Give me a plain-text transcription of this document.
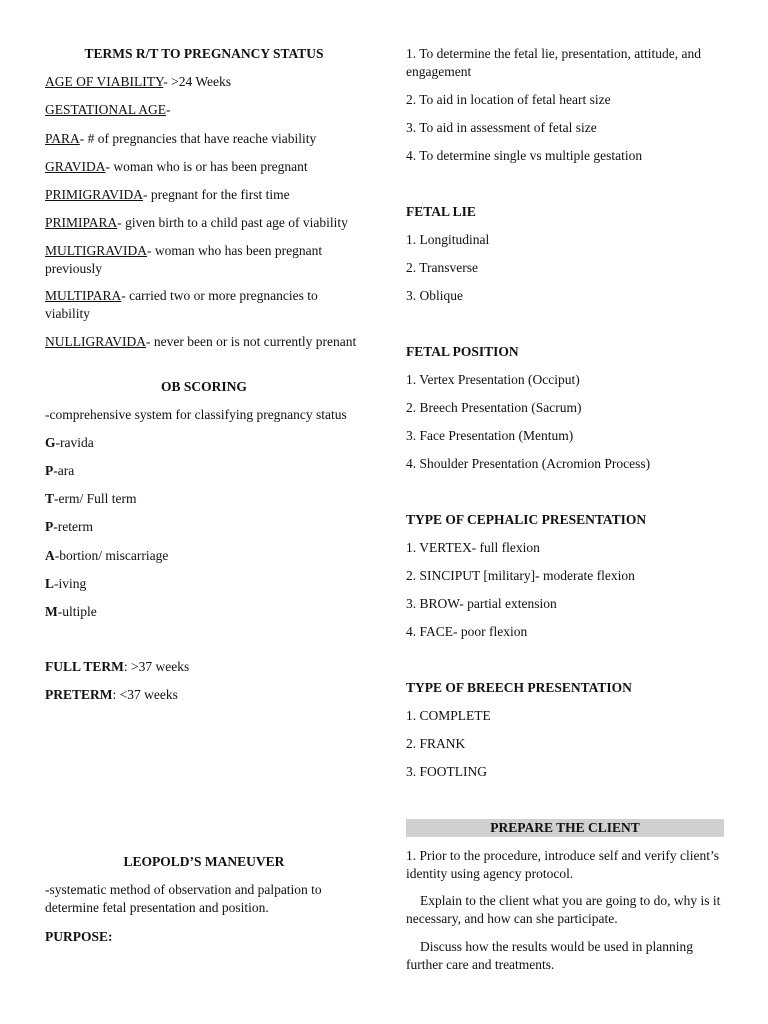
TERMS R/T TO PREGNANCY STATUS
AGE OF VIABILITY- >24 Weeks
GESTATIONAL AGE-
PARA- # of pregnancies that have reache viability
GRAVIDA- woman who is or has been pregnant
PRIMIGRAVIDA- pregnant for the first time
PRIMIPARA- given birth to a child past age of viability
MULTIGRAVIDA- woman who has been pregnant previously
MULTIPARA- carried two or more pregnancies to viability
NULLIGRAVIDA- never been or is not currently prenant
OB SCORING
-comprehensive system for classifying pregnancy status
G-ravida
P-ara
T-erm/ Full term
P-reterm
A-bortion/ miscarriage
L-iving
M-ultiple
FULL TERM: >37 weeks
PRETERM: <37 weeks
LEOPOLD’S MANEUVER
-systematic method of observation and palpation to determine fetal presentation and position.
PURPOSE:
1. To determine the fetal lie, presentation, attitude, and engagement
2. To aid in location of fetal heart size
3. To aid in assessment of fetal size
4. To determine single vs multiple gestation
FETAL LIE
1. Longitudinal
2. Transverse
3. Oblique
FETAL POSITION
1. Vertex Presentation (Occiput)
2. Breech Presentation (Sacrum)
3. Face Presentation (Mentum)
4. Shoulder Presentation (Acromion Process)
TYPE OF CEPHALIC PRESENTATION
1. VERTEX- full flexion
2. SINCIPUT [military]- moderate flexion
3. BROW- partial extension
4. FACE- poor flexion
TYPE OF BREECH PRESENTATION
1. COMPLETE
2. FRANK
3. FOOTLING
PREPARE THE CLIENT
1. Prior to the procedure, introduce self and verify client’s identity using agency protocol.
Explain to the client what you are going to do, why is it necessary, and how can she participate.
Discuss how the results would be used in planning further care and treatments.
